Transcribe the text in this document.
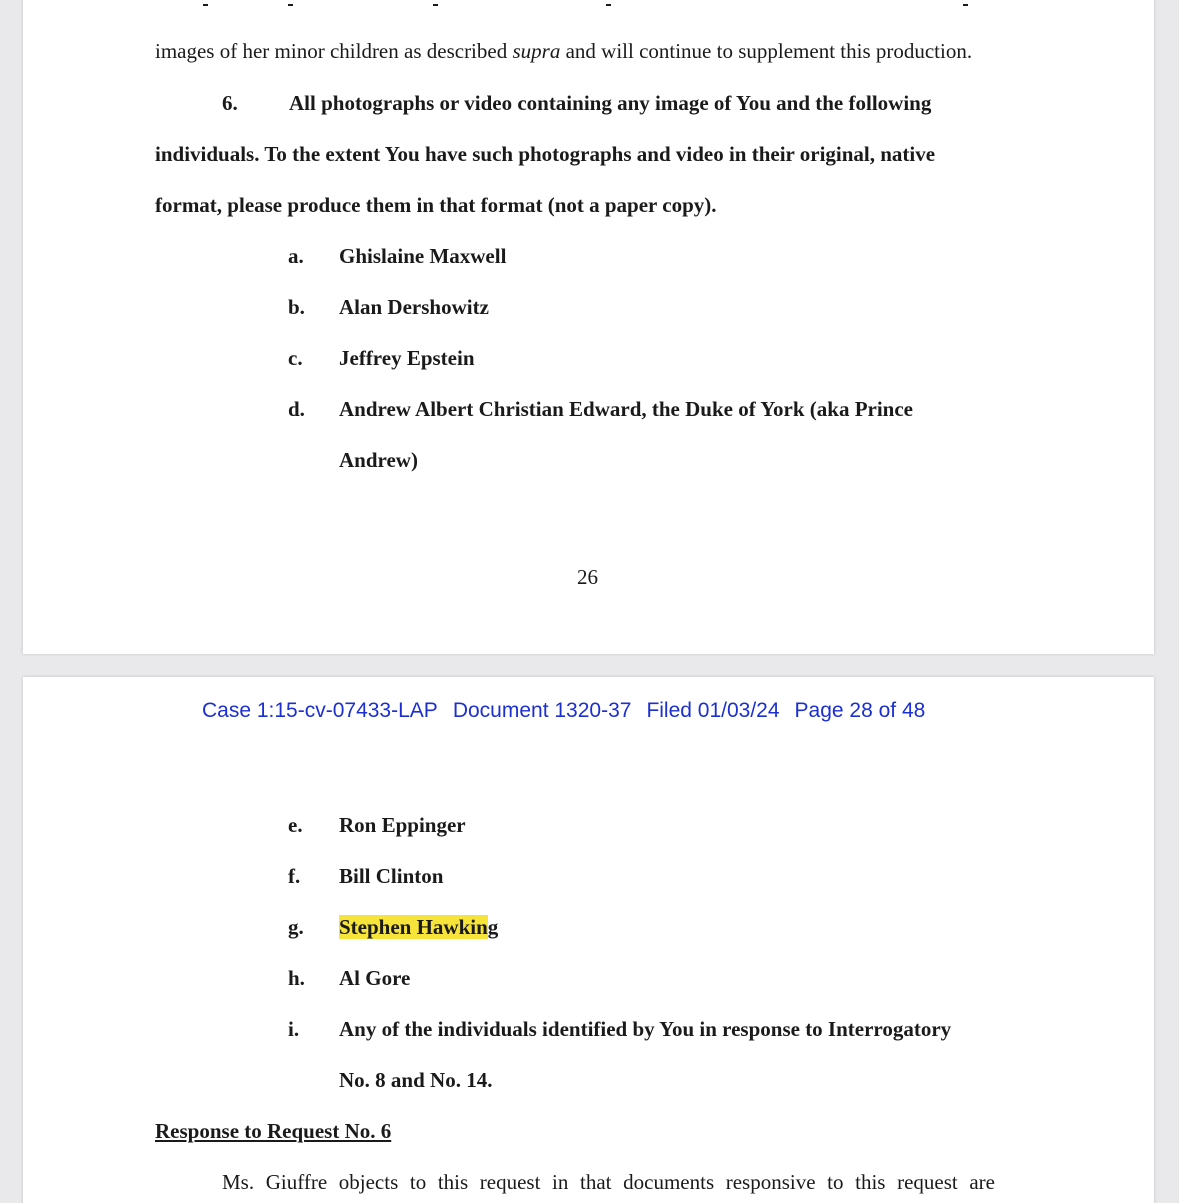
images of her minor children as described supra and will continue to supplement this production.
6. All photographs or video containing any image of You and the following
individuals. To the extent You have such photographs and video in their original, native
format, please produce them in that format (not a paper copy).
a. Ghislaine Maxwell
b. Alan Dershowitz
c. Jeffrey Epstein
d. Andrew Albert Christian Edward, the Duke of York (aka Prince
Andrew)
26
Case 1:15-cv-07433-LAP Document 1320-37 Filed 01/03/24 Page 28 of 48
e. Ron Eppinger
f. Bill Clinton
g. Stephen Hawking
h. Al Gore
i. Any of the individuals identified by You in response to Interrogatory
No. 8 and No. 14.
Response to Request No. 6
Ms. Giuffre objects to this request in that documents responsive to this request are
